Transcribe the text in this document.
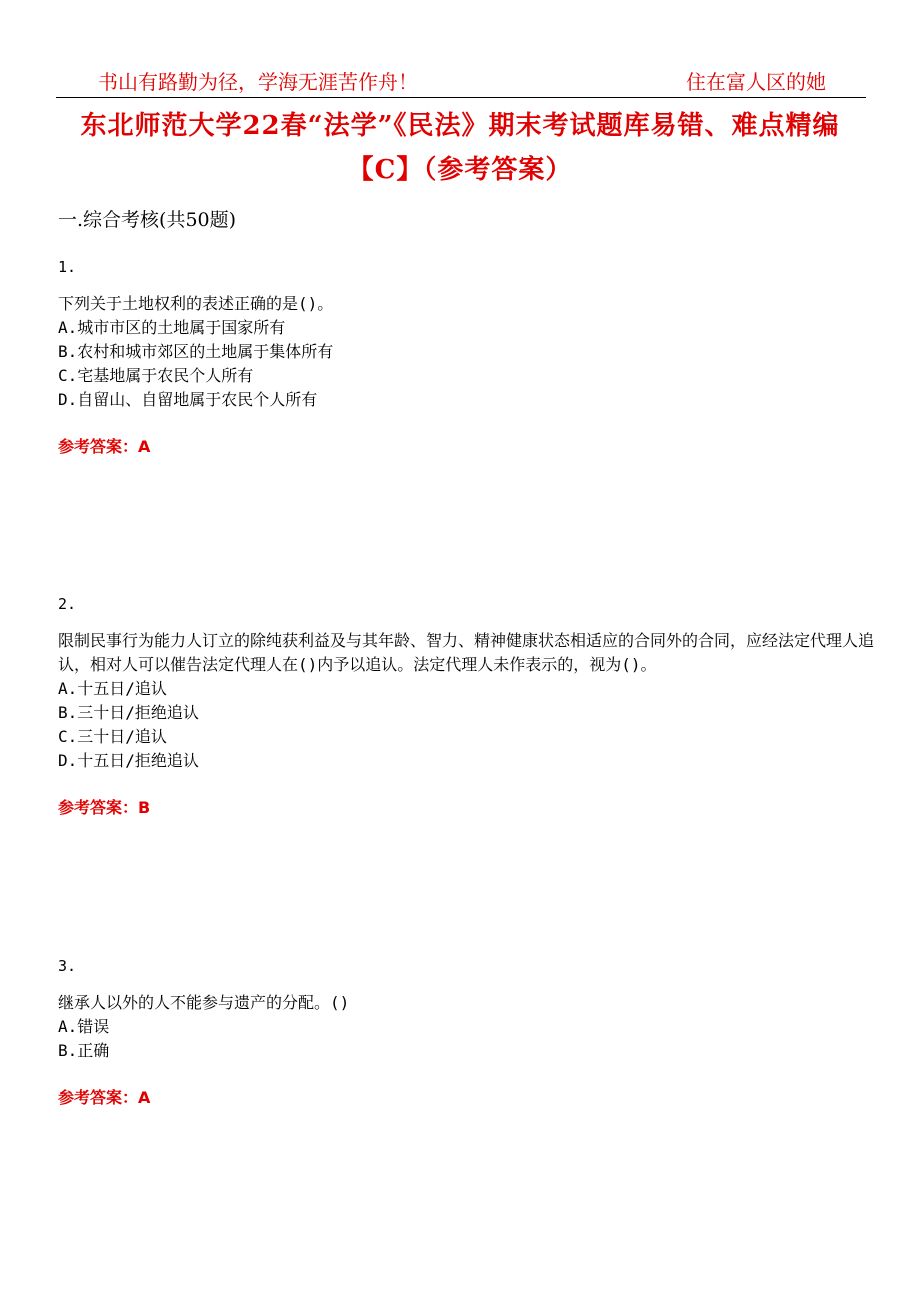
书山有路勤为径，学海无涯苦作舟！	住在富人区的她
东北师范大学22春“法学”《民法》期末考试题库易错、难点精编【C】（参考答案）
一.综合考核(共50题)
1.
下列关于土地权利的表述正确的是()。
A.城市市区的土地属于国家所有
B.农村和城市郊区的土地属于集体所有
C.宅基地属于农民个人所有
D.自留山、自留地属于农民个人所有
参考答案：A
2.
限制民事行为能力人订立的除纯获利益及与其年龄、智力、精神健康状态相适应的合同外的合同，应经法定代理人追认，相对人可以催告法定代理人在()内予以追认。法定代理人未作表示的，视为()。
A.十五日/追认
B.三十日/拒绝追认
C.三十日/追认
D.十五日/拒绝追认
参考答案：B
3.
继承人以外的人不能参与遗产的分配。()
A.错误
B.正确
参考答案：A
